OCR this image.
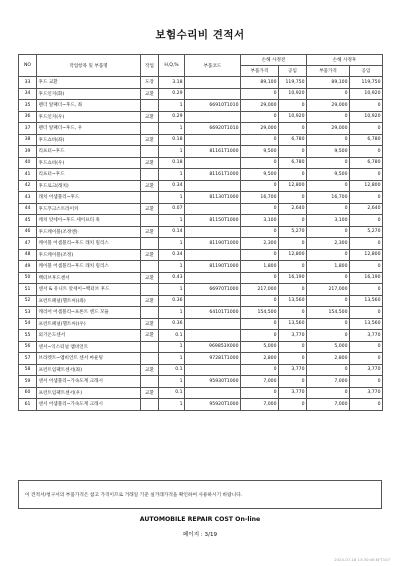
보험수리비 견적서
NO	작업항목 및 부품명	작업	H,Q,%	부품코드	손해 사정전		손해 사정후	
					부품가격	공임	부품가격	공임
33	후드 교환	도장	3.18		89,100	119,750	89,100	119,750
34	후드인지(화)	교환	0.29		0	10,920	0	10,920
35	펜더 앞패더~후드, 좌		1	66910T1010	29,000	0	29,000	0
36	후드인지(우)	교환	0.29		0	10,920	0	10,920
37	펜더 앞패더~후드, 우		1	66920T1010	29,000	0	29,000	0
38	후드쇼바(좌)	교환	0.18		0	6,780	0	6,780
39	리프터~후드		1	81161T1000	9,500	0	9,500	0
40	후드쇼바(우)	교환	0.18		0	6,780	0	6,780
41	리프터~후드		1	81161T1000	9,500	0	9,500	0
42	후드로크(래치)	교환	0.34		0	12,800	0	12,800
43	래치 어셈블리~후드		1	81130T1000	16,700	0	16,700	0
44	후드푸크스트라이커	교환	0.07		0	2,640	0	2,640
45	캐치 앗세이~후드 세이프티 훅		1	81150T1000	3,100	0	3,100	0
46	후드케이블(조정엔)	교환	0.14		0	5,270	0	5,270
47	케이블 어셈블리~후드 래치 릴리스		1	81190T1000	2,300	0	2,300	0
48	후드케이블(조정)	교환	0.34		0	12,800	0	12,800
49	케이블 어셈블리~후드 래치 릴리스		1	81190T1000	1,800	0	1,800	0
50	백터브후드센서	교환	0.43		0	16,190	0	16,190
51	센서 & 유니트 앗세이~백터브 후드		1	66970T1000	217,000	0	217,000	0
52	프런트패널(헬트씨)(좌)	교환	0.36		0	13,560	0	13,560
53	캐리어 어셈블리~프론트 엔드 모듈		1	64101T1000	154,500	0	154,500	0
54	프런트패널(헬트씨)(우)	교환	0.36		0	13,560	0	13,560
55	외기온도센서	교환	0.1		0	3,770	0	3,770
56	센서~익스터널 앰비언트		1	969853X000	5,000	0	5,000	0
57	브라켓트~앰비언트 센서 마운팅		1	97281T1000	2,800	0	2,800	0
58	프런트임팩트센서(좌)	교환	0.1		0	3,770	0	3,770
59	센서 어셈블리~가속도계 크래시		1	95930T1000	7,000	0	7,000	0
60	프런트임팩트센서(우)	교환	0.1		0	3,770	0	3,770
61	센서 어셈블리~가속도계 크래시		1	95920T1000	7,000	0	7,000	0
이 견적서/청구서의 부품가격은 참고 가격이므로 거래일 기준 실거래가격을 확인하여 사용하시기 바랍니다.
AUTOMOBILE REPAIR COST On-line
페이지 : 3/19
2024-07-18 13:30:46 KFT107
